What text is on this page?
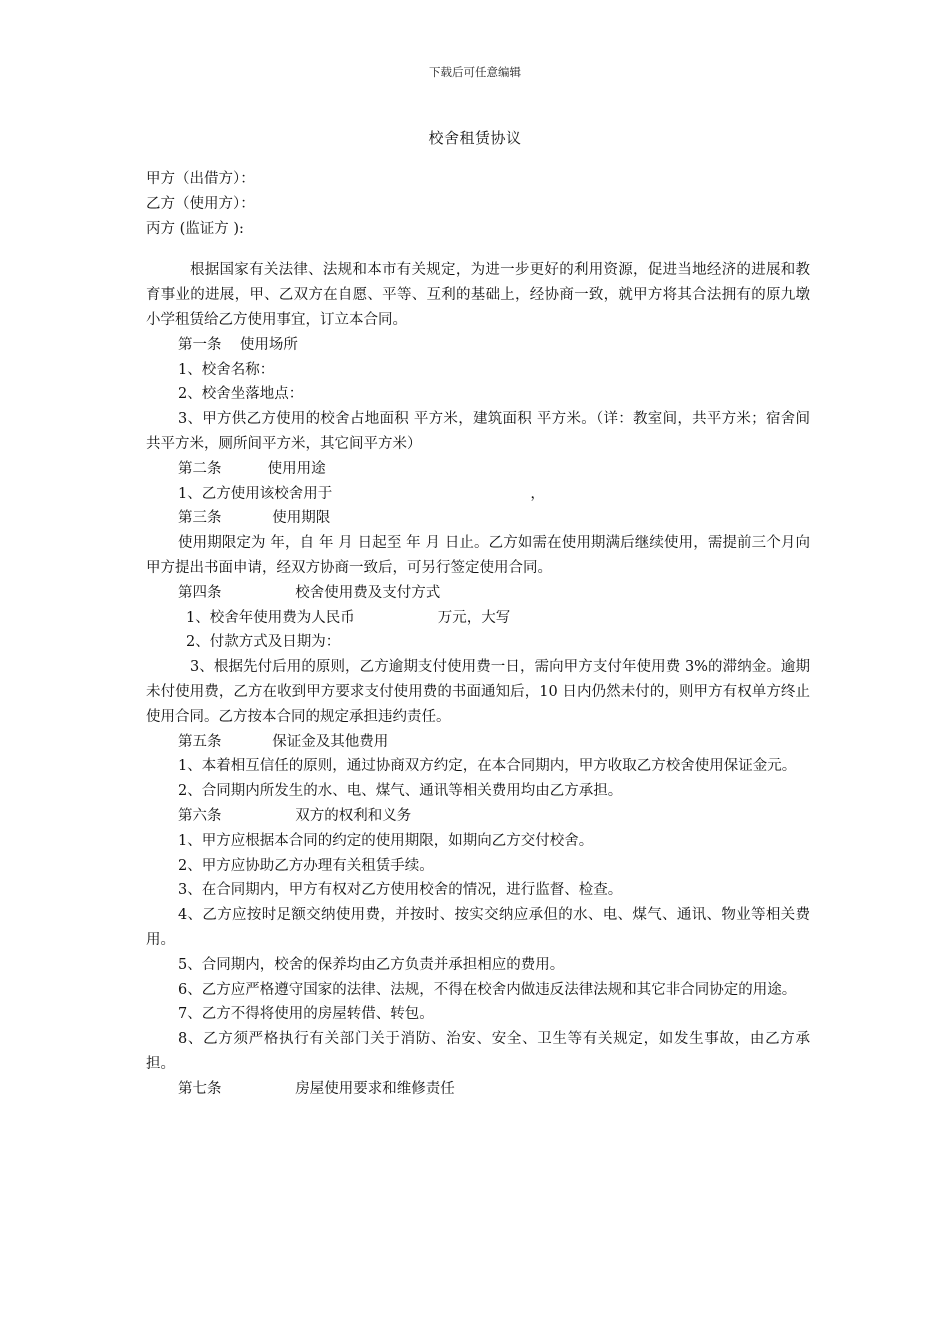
下载后可任意编辑
校舍租赁协议

甲方（出借方）：

乙方（使用方）：

丙方 (监证方 ):

根据国家有关法律、法规和本市有关规定，为进一步更好的利用资源，促进当地经济的进展和教育事业的进展，甲、乙双方在自愿、平等、互利的基础上，经协商一致，就甲方将其合法拥有的原九墩小学租赁给乙方使用事宜，订立本合同。

第一条    使用场所

1、校舍名称：

2、校舍坐落地点：

3、甲方供乙方使用的校舍占地面积 平方米，建筑面积 平方米。（详：教室间，共平方米；宿舍间共平方米，厕所间平方米，其它间平方米）

第二条          使用用途

1、乙方使用该校舍用于                                           ，

第三条           使用期限

使用期限定为 年，自 年 月 日起至 年 月 日止。乙方如需在使用期满后继续使用，需提前三个月向甲方提出书面申请，经双方协商一致后，可另行签定使用合同。

第四条                校舍使用费及支付方式

1、校舍年使用费为人民币                  万元，大写

2、付款方式及日期为：

3、根据先付后用的原则，乙方逾期支付使用费一日，需向甲方支付年使用费 3%的滞纳金。逾期未付使用费，乙方在收到甲方要求支付使用费的书面通知后，10 日内仍然未付的，则甲方有权单方终止使用合同。乙方按本合同的规定承担违约责任。

第五条           保证金及其他费用

1、本着相互信任的原则，通过协商双方约定，在本合同期内，甲方收取乙方校舍使用保证金元。

2、合同期内所发生的水、电、煤气、通讯等相关费用均由乙方承担。

第六条                双方的权利和义务

1、甲方应根据本合同的约定的使用期限，如期向乙方交付校舍。

2、甲方应协助乙方办理有关租赁手续。

3、在合同期内，甲方有权对乙方使用校舍的情况，进行监督、检查。

4、乙方应按时足额交纳使用费，并按时、按实交纳应承但的水、电、煤气、通讯、物业等相关费用。

5、合同期内，校舍的保养均由乙方负责并承担相应的费用。

6、乙方应严格遵守国家的法律、法规，不得在校舍内做违反法律法规和其它非合同协定的用途。

7、乙方不得将使用的房屋转借、转包。

8、乙方须严格执行有关部门关于消防、治安、安全、卫生等有关规定，如发生事故，由乙方承担。

第七条                房屋使用要求和维修责任
